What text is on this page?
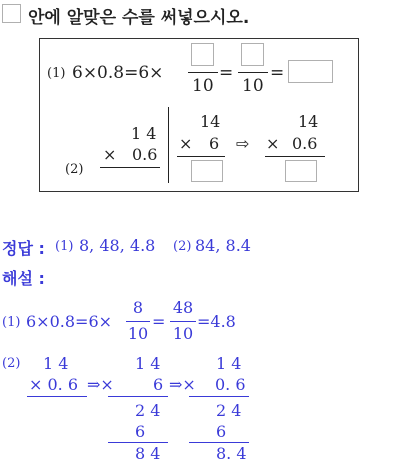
안에 알맞은 수를 써넣으시오.
(1) 6×0.8=6×
10
=
10
=
(2)
1 4
× 0.6
14
× 6 ⇨
14
× 0.6
정답 : (1) 8, 48, 4.8 (2) 84, 8.4
해설 :
(1) 6×0.8=6×
8
10
=
48
10
=4.8
(2) 1 4
× 0. 6 ⇒×
1 4
6
2 4
6
8 4
⇒×
1 4
0. 6
2 4
6
8. 4
